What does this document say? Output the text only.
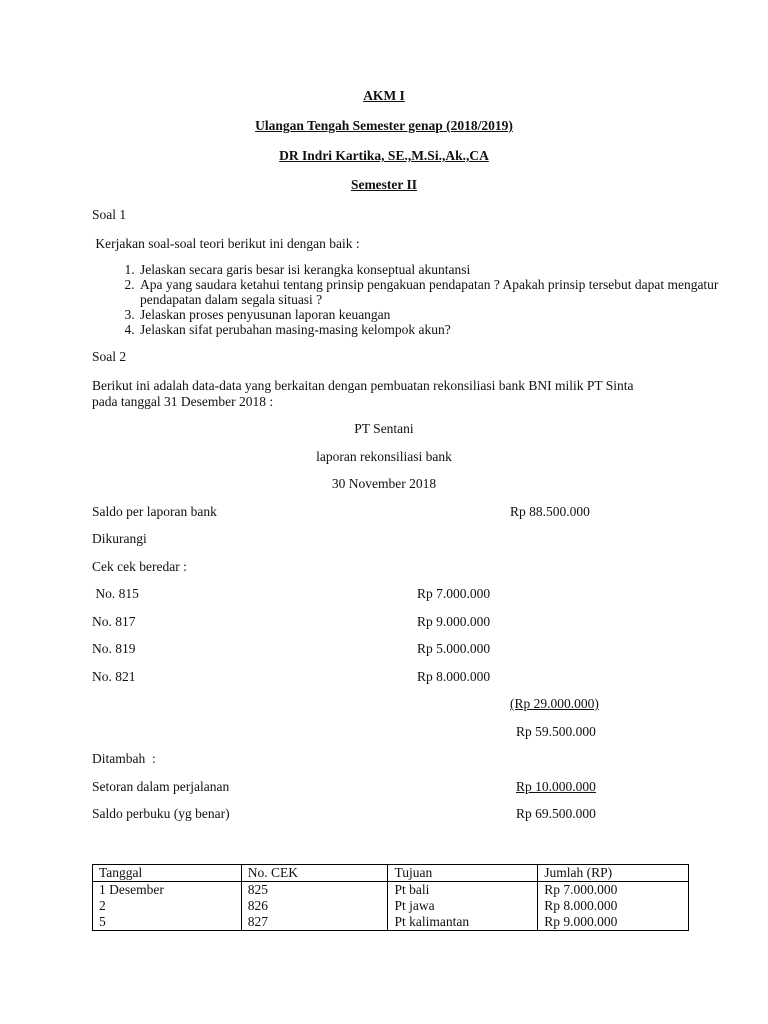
AKM I
Ulangan Tengah Semester genap (2018/2019)
DR Indri Kartika, SE.,M.Si.,Ak.,CA
Semester II
Soal 1
Kerjakan soal-soal teori berikut ini dengan baik :
1. Jelaskan secara garis besar isi kerangka konseptual akuntansi
2. Apa yang saudara ketahui tentang prinsip pengakuan pendapatan ? Apakah prinsip tersebut dapat mengatur pendapatan dalam segala situasi ?
3. Jelaskan proses penyusunan laporan keuangan
4. Jelaskan sifat perubahan masing-masing kelompok akun?
Soal 2
Berikut ini adalah data-data yang berkaitan dengan pembuatan rekonsiliasi bank BNI milik PT Sinta
pada tanggal 31 Desember 2018 :
PT Sentani
laporan rekonsiliasi bank
30 November 2018
Saldo per laporan bank	Rp 88.500.000
Dikurangi
Cek cek beredar :
No. 815	Rp 7.000.000
No. 817	Rp 9.000.000
No. 819	Rp 5.000.000
No. 821	Rp 8.000.000
(Rp 29.000.000)
Rp 59.500.000
Ditambah  :
Setoran dalam perjalanan	Rp 10.000.000
Saldo perbuku (yg benar)	Rp 69.500.000
Tanggal	No. CEK	Tujuan	Jumlah (RP)
1 Desember	825	Pt bali	Rp 7.000.000
2	826	Pt jawa	Rp 8.000.000
5	827	Pt kalimantan	Rp 9.000.000
